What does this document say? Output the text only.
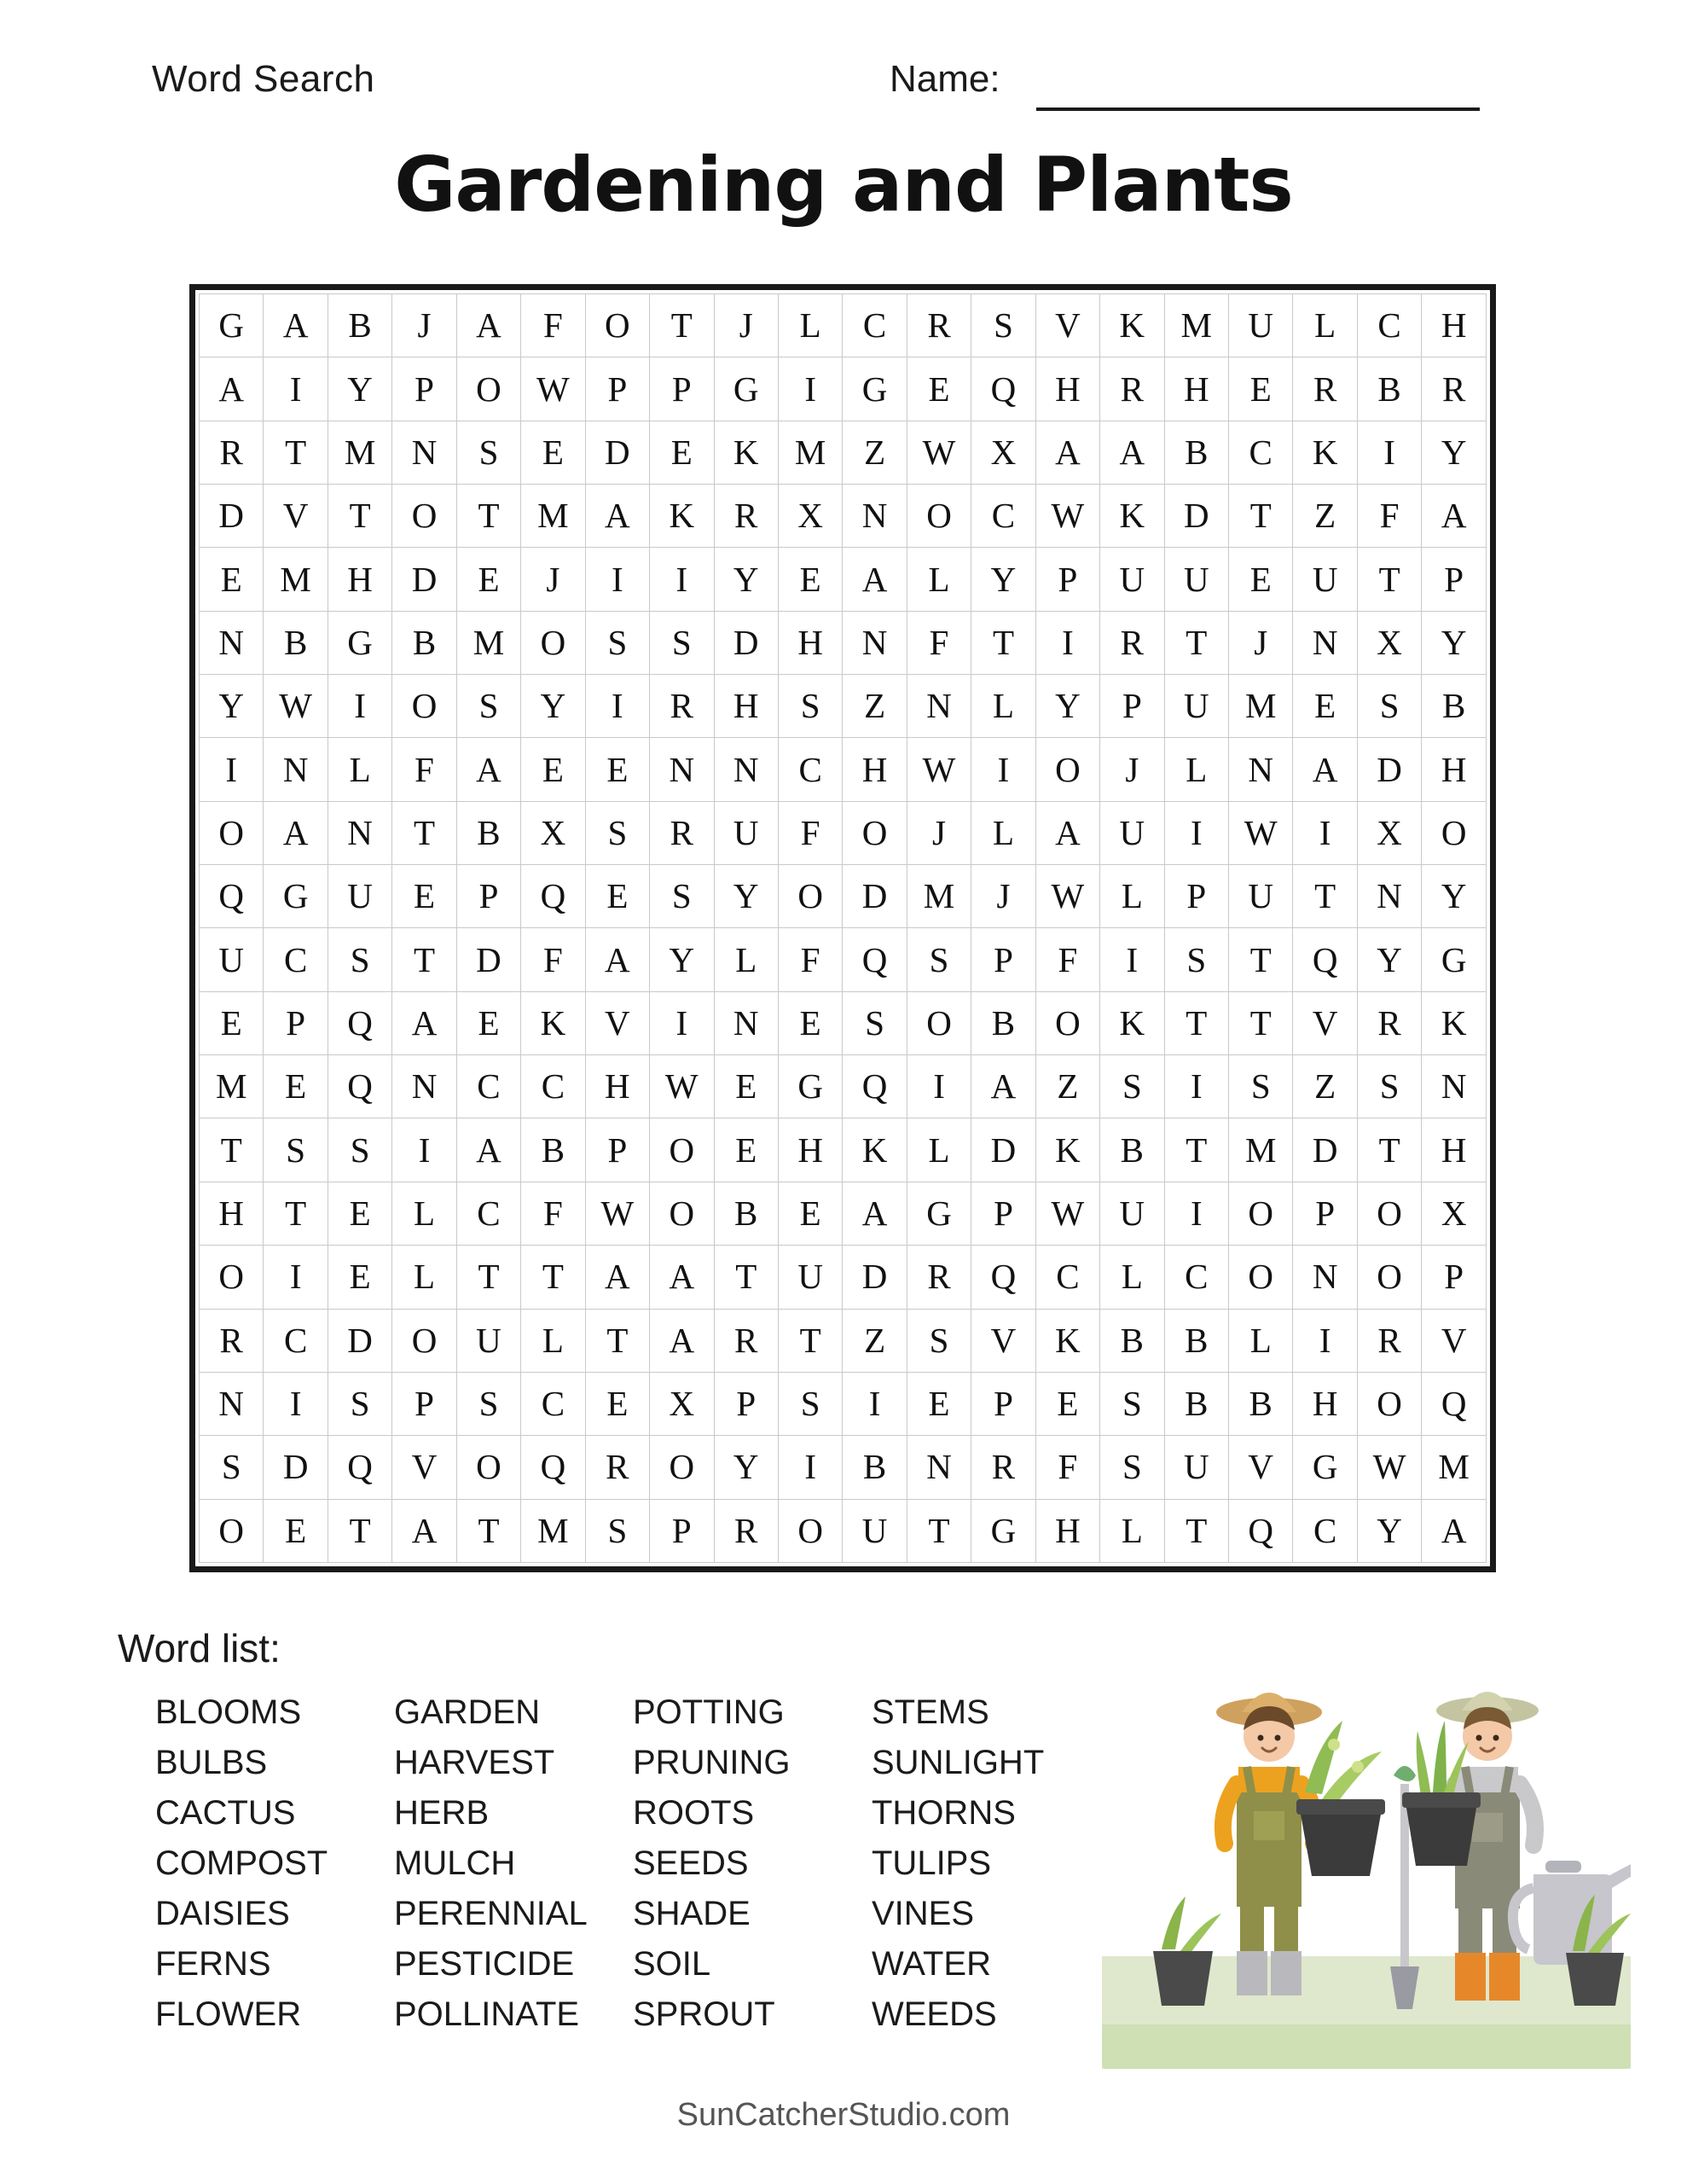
Word Search	Name:
Gardening and Plants
G	A	B	J	A	F	O	T	J	L	C	R	S	V	K	M	U	L	C	H
A	I	Y	P	O	W	P	P	G	I	G	E	Q	H	R	H	E	R	B	R
R	T	M	N	S	E	D	E	K	M	Z	W	X	A	A	B	C	K	I	Y
D	V	T	O	T	M	A	K	R	X	N	O	C	W	K	D	T	Z	F	A
E	M	H	D	E	J	I	I	Y	E	A	L	Y	P	U	U	E	U	T	P
N	B	G	B	M	O	S	S	D	H	N	F	T	I	R	T	J	N	X	Y
Y	W	I	O	S	Y	I	R	H	S	Z	N	L	Y	P	U	M	E	S	B
I	N	L	F	A	E	E	N	N	C	H	W	I	O	J	L	N	A	D	H
O	A	N	T	B	X	S	R	U	F	O	J	L	A	U	I	W	I	X	O
Q	G	U	E	P	Q	E	S	Y	O	D	M	J	W	L	P	U	T	N	Y
U	C	S	T	D	F	A	Y	L	F	Q	S	P	F	I	S	T	Q	Y	G
E	P	Q	A	E	K	V	I	N	E	S	O	B	O	K	T	T	V	R	K
M	E	Q	N	C	C	H	W	E	G	Q	I	A	Z	S	I	S	Z	S	N
T	S	S	I	A	B	P	O	E	H	K	L	D	K	B	T	M	D	T	H
H	T	E	L	C	F	W	O	B	E	A	G	P	W	U	I	O	P	O	X
O	I	E	L	T	T	A	A	T	U	D	R	Q	C	L	C	O	N	O	P
R	C	D	O	U	L	T	A	R	T	Z	S	V	K	B	B	L	I	R	V
N	I	S	P	S	C	E	X	P	S	I	E	P	E	S	B	B	H	O	Q
S	D	Q	V	O	Q	R	O	Y	I	B	N	R	F	S	U	V	G	W	M
O	E	T	A	T	M	S	P	R	O	U	T	G	H	L	T	Q	C	Y	A
Word list:
BLOOMS
BULBS
CACTUS
COMPOST
DAISIES
FERNS
FLOWER
GARDEN
HARVEST
HERB
MULCH
PERENNIAL
PESTICIDE
POLLINATE
POTTING
PRUNING
ROOTS
SEEDS
SHADE
SOIL
SPROUT
STEMS
SUNLIGHT
THORNS
TULIPS
VINES
WATER
WEEDS
SunCatcherStudio.com
